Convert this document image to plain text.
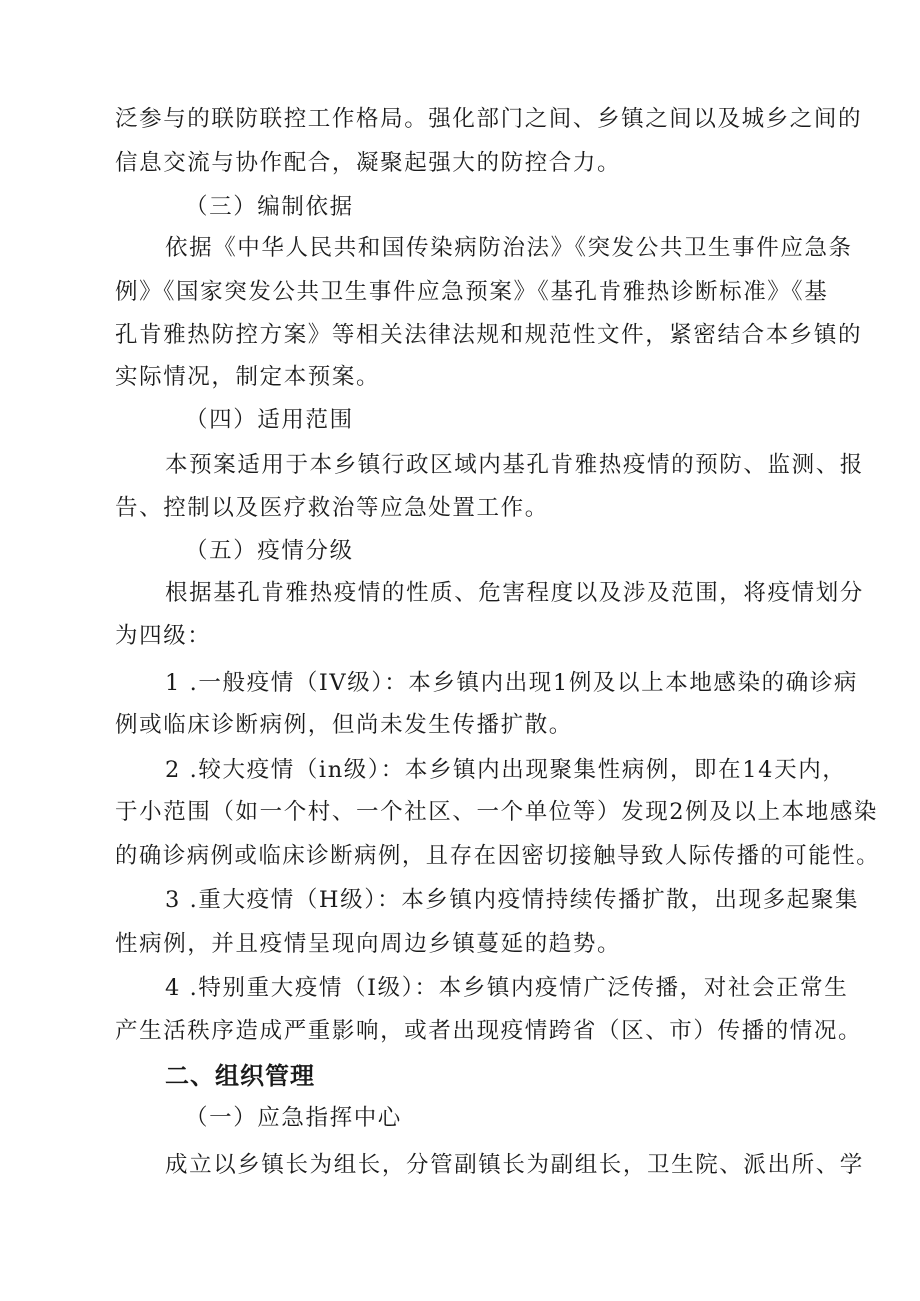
泛参与的联防联控工作格局。强化部门之间、乡镇之间以及城乡之间的
信息交流与协作配合，凝聚起强大的防控合力。
（三）编制依据
依据《中华人民共和国传染病防治法》《突发公共卫生事件应急条
例》《国家突发公共卫生事件应急预案》《基孔肯雅热诊断标准》《基
孔肯雅热防控方案》等相关法律法规和规范性文件，紧密结合本乡镇的
实际情况，制定本预案。
（四）适用范围
本预案适用于本乡镇行政区域内基孔肯雅热疫情的预防、监测、报
告、控制以及医疗救治等应急处置工作。
（五）疫情分级
根据基孔肯雅热疫情的性质、危害程度以及涉及范围，将疫情划分
为四级：
1 .一般疫情（IV级）：本乡镇内出现1例及以上本地感染的确诊病
例或临床诊断病例，但尚未发生传播扩散。
2 .较大疫情（in级）：本乡镇内出现聚集性病例，即在14天内，
于小范围（如一个村、一个社区、一个单位等）发现2例及以上本地感染
的确诊病例或临床诊断病例，且存在因密切接触导致人际传播的可能性。
3 .重大疫情（H级）：本乡镇内疫情持续传播扩散，出现多起聚集
性病例，并且疫情呈现向周边乡镇蔓延的趋势。
4 .特别重大疫情（I级）：本乡镇内疫情广泛传播，对社会正常生
产生活秩序造成严重影响，或者出现疫情跨省（区、市）传播的情况。
二、组织管理
（一）应急指挥中心
成立以乡镇长为组长，分管副镇长为副组长，卫生院、派出所、学
